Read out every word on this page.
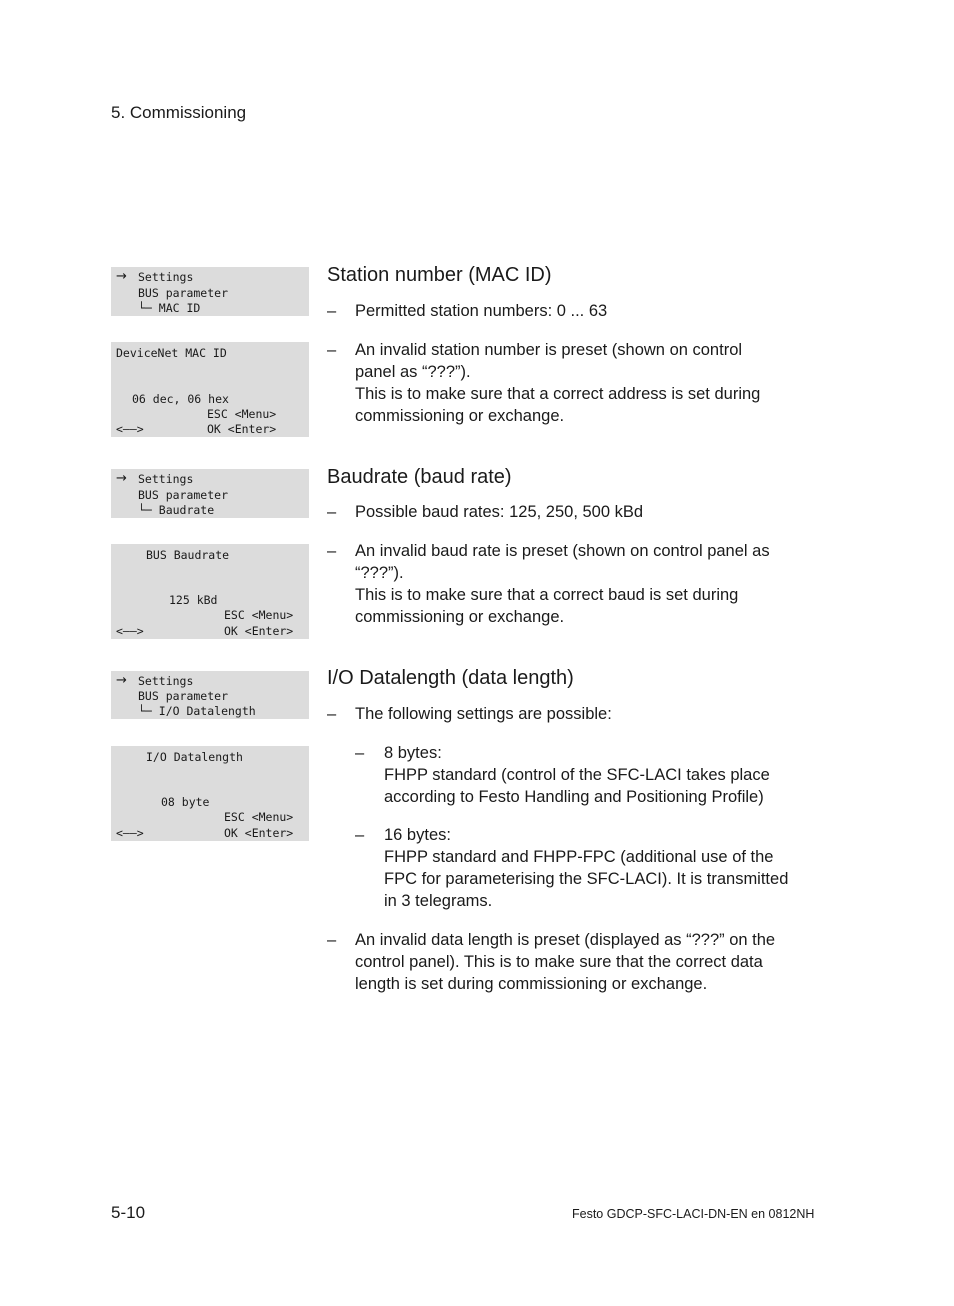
5. Commissioning
→ Settings
BUS parameter
└─ MAC ID
DeviceNet MAC ID
06 dec, 06 hex
ESC <Menu>
<——>	OK <Enter>
→ Settings
BUS parameter
└─ Baudrate
BUS Baudrate
125 kBd
ESC <Menu>
<——>	OK <Enter>
→ Settings
BUS parameter
└─ I/O Datalength
I/O Datalength
08 byte
ESC <Menu>
<——>	OK <Enter>
Station number (MAC ID)
– Permitted station numbers: 0 ... 63

– An invalid station number is preset (shown on control

panel as “???”).

This is to make sure that a correct address is set during

commissioning or exchange.

Baudrate (baud rate)
– Possible baud rates: 125, 250, 500 kBd

– An invalid baud rate is preset (shown on control panel as

“???”).

This is to make sure that a correct baud is set during

commissioning or exchange.

I/O Datalength (data length)
– The following settings are possible:

– 8 bytes:

FHPP standard (control of the SFC-LACI takes place

according to Festo Handling and Positioning Profile)

– 16 bytes:

FHPP standard and FHPP-FPC (additional use of the

FPC for parameterising the SFC-LACI). It is transmitted

in 3 telegrams.

– An invalid data length is preset (displayed as “???” on the

control panel). This is to make sure that the correct data

length is set during commissioning or exchange.

5-10	Festo GDCP-SFC-LACI-DN-EN en 0812NH
